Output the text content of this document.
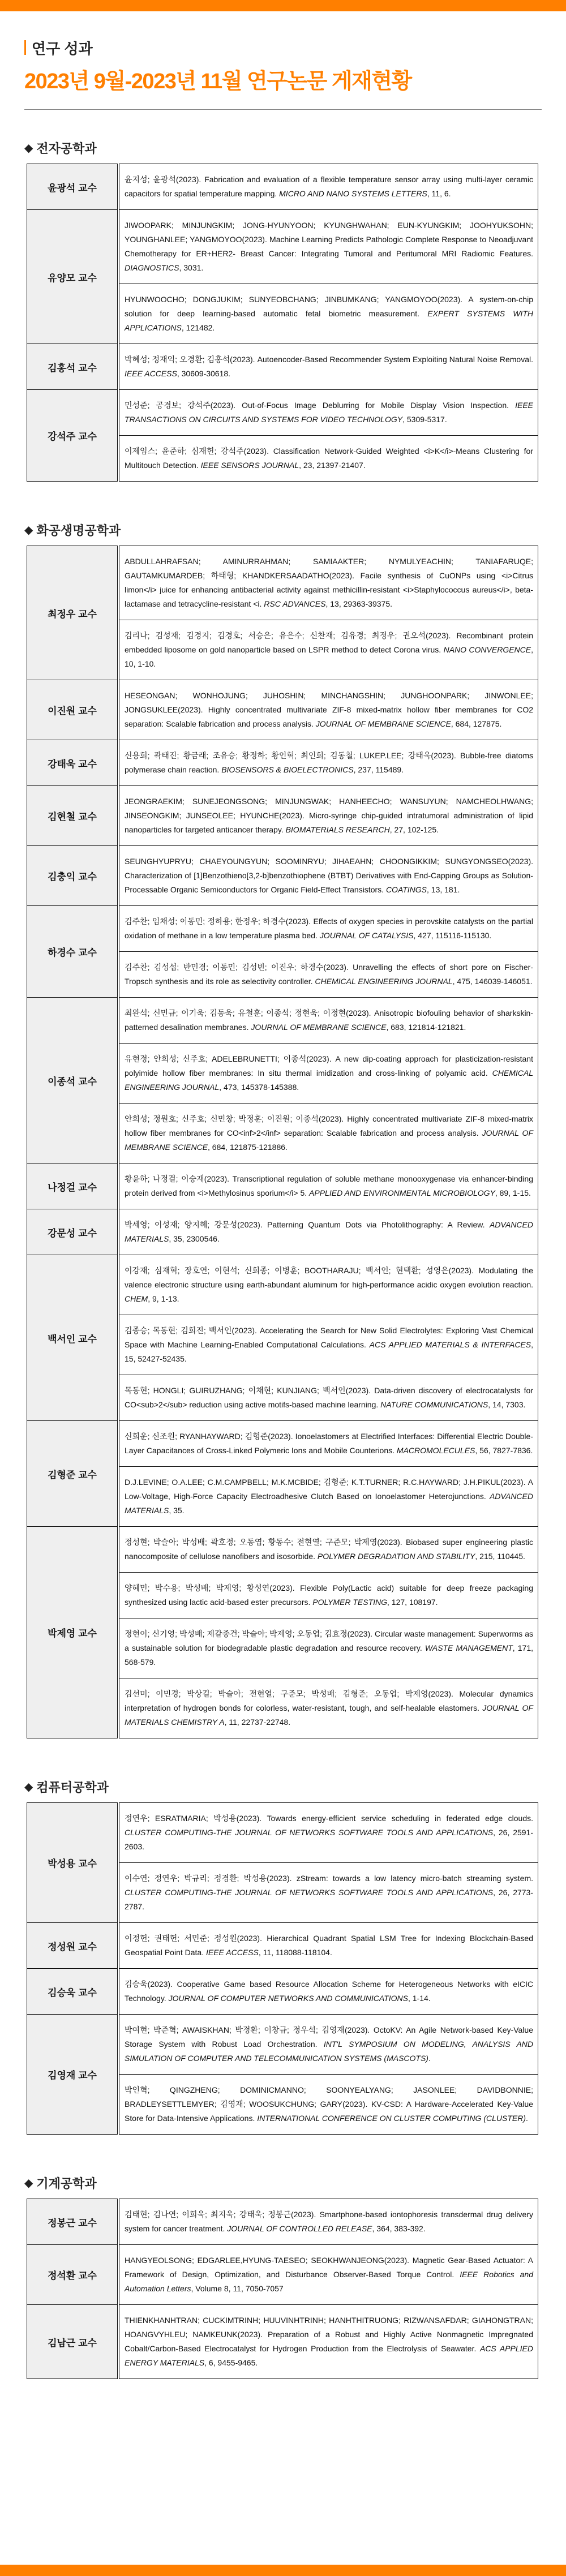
연구 성과
2023년 9월-2023년 11월 연구논문 게재현황
◆ 전자공학과
윤광석 교수	윤지성; 윤광석(2023). Fabrication and evaluation of a flexible temperature sensor array using multi-layer ceramic capacitors for spatial temperature mapping. MICRO AND NANO SYSTEMS LETTERS, 11, 6.
유양모 교수	JIWOOPARK; MINJUNGKIM; JONG-HYUNYOON; KYUNGHWAHAN; EUN-KYUNGKIM; JOOHYUKSOHN; YOUNGHANLEE; YANGMOYOO(2023). Machine Learning Predicts Pathologic Complete Response to Neoadjuvant Chemotherapy for ER+HER2- Breast Cancer: Integrating Tumoral and Peritumoral MRI Radiomic Features. DIAGNOSTICS, 3031.
	HYUNWOOCHO; DONGJUKIM; SUNYEOBCHANG; JINBUMKANG; YANGMOYOO(2023). A system-on-chip solution for deep learning-based automatic fetal biometric measurement. EXPERT SYSTEMS WITH APPLICATIONS, 121482.
김홍석 교수	박혜성; 정재익; 오경환; 김홍석(2023). Autoencoder-Based Recommender System Exploiting Natural Noise Removal. IEEE ACCESS, 30609-30618.
강석주 교수	민성준; 공경보; 강석주(2023). Out-of-Focus Image Deblurring for Mobile Display Vision Inspection. IEEE TRANSACTIONS ON CIRCUITS AND SYSTEMS FOR VIDEO TECHNOLOGY, 5309-5317.
	이제임스; 윤준하; 심재헌; 강석주(2023). Classification Network-Guided Weighted <i>K</i>-Means Clustering for Multitouch Detection. IEEE SENSORS JOURNAL, 23, 21397-21407.
◆ 화공생명공학과
최정우 교수	ABDULLAHRAFSAN; AMINURRAHMAN; SAMIAAKTER; NYMULYEACHIN; TANIAFARUQE; GAUTAMKUMARDEB; 하태형; KHANDKERSAADATHO(2023). Facile synthesis of CuONPs using <i>Citrus limon</i> juice for enhancing antibacterial activity against methicillin-resistant <i>Staphylococcus aureus</i>, beta-lactamase and tetracycline-resistant <i. RSC ADVANCES, 13, 29363-39375.
	김리나; 김성재; 김경지; 김경호; 서승은; 유은수; 신찬재; 김유경; 최정우; 권오석(2023). Recombinant protein embedded liposome on gold nanoparticle based on LSPR method to detect Corona virus. NANO CONVERGENCE, 10, 1-10.
이진원 교수	HESEONGAN; WONHOJUNG; JUHOSHIN; MINCHANGSHIN; JUNGHOONPARK; JINWONLEE; JONGSUKLEE(2023). Highly concentrated multivariate ZIF-8 mixed-matrix hollow fiber membranes for CO2 separation: Scalable fabrication and process analysis. JOURNAL OF MEMBRANE SCIENCE, 684, 127875.
강태욱 교수	신용희; 곽태진; 황금래; 조유승; 황정하; 황인혁; 최인희; 김동철; LUKEP.LEE; 강태욱(2023). Bubble-free diatoms polymerase chain reaction. BIOSENSORS & BIOELECTRONICS, 237, 115489.
김현철 교수	JEONGRAEKIM; SUNEJEONGSONG; MINJUNGWAK; HANHEECHO; WANSUYUN; NAMCHEOLHWANG; JINSEONGKIM; JUNSEOLEE; HYUNCHE(2023). Micro-syringe chip-guided intratumoral administration of lipid nanoparticles for targeted anticancer therapy. BIOMATERIALS RESEARCH, 27, 102-125.
김충익 교수	SEUNGHYUPRYU; CHAEYOUNGYUN; SOOMINRYU; JIHAEAHN; CHOONGIKKIM; SUNGYONGSEO(2023). Characterization of [1]Benzothieno[3,2-b]benzothiophene (BTBT) Derivatives with End-Capping Groups as Solution-Processable Organic Semiconductors for Organic Field-Effect Transistors. COATINGS, 13, 181.
하경수 교수	김주찬; 임채성; 이동민; 정하용; 한정우; 하경수(2023). Effects of oxygen species in perovskite catalysts on the partial oxidation of methane in a low temperature plasma bed. JOURNAL OF CATALYSIS, 427, 115116-115130.
	김주찬; 김성섭; 반민경; 이동민; 김성빈; 이진우; 하경수(2023). Unravelling the effects of short pore on Fischer-Tropsch synthesis and its role as selectivity controller. CHEMICAL ENGINEERING JOURNAL, 475, 146039-146051.
이종석 교수	최완석; 신민규; 이기욱; 김동욱; 유철훈; 이종석; 정현욱; 이정현(2023). Anisotropic biofouling behavior of sharkskin-patterned desalination membranes. JOURNAL OF MEMBRANE SCIENCE, 683, 121814-121821.
	유현정; 안희성; 신주호; ADELEBRUNETTI; 이종석(2023). A new dip-coating approach for plasticization-resistant polyimide hollow fiber membranes: In situ thermal imidization and cross-linking of polyamic acid. CHEMICAL ENGINEERING JOURNAL, 473, 145378-145388.
	안희성; 정원호; 신주호; 신민창; 박정훈; 이진원; 이종석(2023). Highly concentrated multivariate ZIF-8 mixed-matrix hollow fiber membranes for CO<inf>2</inf> separation: Scalable fabrication and process analysis. JOURNAL OF MEMBRANE SCIENCE, 684, 121875-121886.
나정걸 교수	황윤하; 나정걸; 이승재(2023). Transcriptional regulation of soluble methane monooxygenase via enhancer-binding protein derived from <i>Methylosinus sporium</i> 5. APPLIED AND ENVIRONMENTAL MICROBIOLOGY, 89, 1-15.
강문성 교수	박세영; 이성재; 양지혜; 강문성(2023). Patterning Quantum Dots via Photolithography: A Review. ADVANCED MATERIALS, 35, 2300546.
백서인 교수	이강재; 심재혁; 장호연; 이현석; 신희종; 이병훈; BOOTHARAJU; 백서인; 현택환; 성영은(2023). Modulating the valence electronic structure using earth-abundant aluminum for high-performance acidic oxygen evolution reaction. CHEM, 9, 1-13.
	김종승; 목동현; 김희진; 백서인(2023). Accelerating the Search for New Solid Electrolytes: Exploring Vast Chemical Space with Machine Learning-Enabled Computational Calculations. ACS APPLIED MATERIALS & INTERFACES, 15, 52427-52435.
	목동현; HONGLI; GUIRUZHANG; 이채현; KUNJIANG; 백서인(2023). Data-driven discovery of electrocatalysts for CO<sub>2</sub> reduction using active motifs-based machine learning. NATURE COMMUNICATIONS, 14, 7303.
김형준 교수	신희운; 신조원; RYANHAYWARD; 김형준(2023). Ionoelastomers at Electrified Interfaces: Differential Electric Double-Layer Capacitances of Cross-Linked Polymeric Ions and Mobile Counterions. MACROMOLECULES, 56, 7827-7836.
	D.J.LEVINE; O.A.LEE; C.M.CAMPBELL; M.K.MCBIDE; 김형준; K.T.TURNER; R.C.HAYWARD; J.H.PIKUL(2023). A Low-Voltage, High-Force Capacity Electroadhesive Clutch Based on Ionoelastomer Heterojunctions. ADVANCED MATERIALS, 35.
박제영 교수	정성현; 박슬아; 박성배; 곽호정; 오동엽; 황동수; 전현열; 구준모; 박제영(2023). Biobased super engineering plastic nanocomposite of cellulose nanofibers and isosorbide. POLYMER DEGRADATION AND STABILITY, 215, 110445.
	양혜민; 박수용; 박성배; 박제영; 황성연(2023). Flexible Poly(Lactic acid) suitable for deep freeze packaging synthesized using lactic acid-based ester precursors. POLYMER TESTING, 127, 108197.
	정현이; 신기영; 박성배; 제갈종건; 박슬아; 박제영; 오동엽; 김효정(2023). Circular waste management: Superworms as a sustainable solution for biodegradable plastic degradation and resource recovery. WASTE MANAGEMENT, 171, 568-579.
	김선미; 이민경; 박상길; 박슬아; 전현열; 구준모; 박성배; 김형준; 오동엽; 박제영(2023). Molecular dynamics interpretation of hydrogen bonds for colorless, water-resistant, tough, and self-healable elastomers. JOURNAL OF MATERIALS CHEMISTRY A, 11, 22737-22748.
◆ 컴퓨터공학과
박성용 교수	정연우; ESRATMARIA; 박성용(2023). Towards energy-efficient service scheduling in federated edge clouds. CLUSTER COMPUTING-THE JOURNAL OF NETWORKS SOFTWARE TOOLS AND APPLICATIONS, 26, 2591-2603.
	이수연; 정연우; 박규리; 정경환; 박성용(2023). zStream: towards a low latency micro-batch streaming system. CLUSTER COMPUTING-THE JOURNAL OF NETWORKS SOFTWARE TOOLS AND APPLICATIONS, 26, 2773-2787.
정성원 교수	이정헌; 권태헌; 서민준; 정성원(2023). Hierarchical Quadrant Spatial LSM Tree for Indexing Blockchain-Based Geospatial Point Data. IEEE ACCESS, 11, 118088-118104.
김승욱 교수	김승욱(2023). Cooperative Game based Resource Allocation Scheme for Heterogeneous Networks with eICIC Technology. JOURNAL OF COMPUTER NETWORKS AND COMMUNICATIONS, 1-14.
김영재 교수	박여현; 박준혁; AWAISKHAN; 박정환; 이창규; 정우석; 김영재(2023). OctoKV: An Agile Network-based Key-Value Storage System with Robust Load Orchestration. INT'L SYMPOSIUM ON MODELING, ANALYSIS AND SIMULATION OF COMPUTER AND TELECOMMUNICATION SYSTEMS (MASCOTS).
	박인혁; QINGZHENG; DOMINICMANNO; SOONYEALYANG; JASONLEE; DAVIDBONNIE; BRADLEYSETTLEMYER; 김영재; WOOSUKCHUNG; GARY(2023). KV-CSD: A Hardware-Accelerated Key-Value Store for Data-Intensive Applications. INTERNATIONAL CONFERENCE ON CLUSTER COMPUTING (CLUSTER).
◆ 기계공학과
정봉근 교수	김태현; 김나연; 이희욱; 최지욱; 강태욱; 정봉근(2023). Smartphone-based iontophoresis transdermal drug delivery system for cancer treatment. JOURNAL OF CONTROLLED RELEASE, 364, 383-392.
정석환 교수	HANGYEOLSONG; EDGARLEE,HYUNG-TAESEO; SEOKHWANJEONG(2023). Magnetic Gear-Based Actuator: A Framework of Design, Optimization, and Disturbance Observer-Based Torque Control. IEEE Robotics and Automation Letters, Volume 8, 11, 7050-7057
김남근 교수	THIENKHANHTRAN; CUCKIMTRINH; HUUVINHTRINH; HANHTHITRUONG; RIZWANSAFDAR; GIAHONGTRAN; HOANGVYHLEU; NAMKEUNK(2023). Preparation of a Robust and Highly Active Nonmagnetic Impregnated Cobalt/Carbon-Based Electrocatalyst for Hydrogen Production from the Electrolysis of Seawater. ACS APPLIED ENERGY MATERIALS, 6, 9455-9465.
